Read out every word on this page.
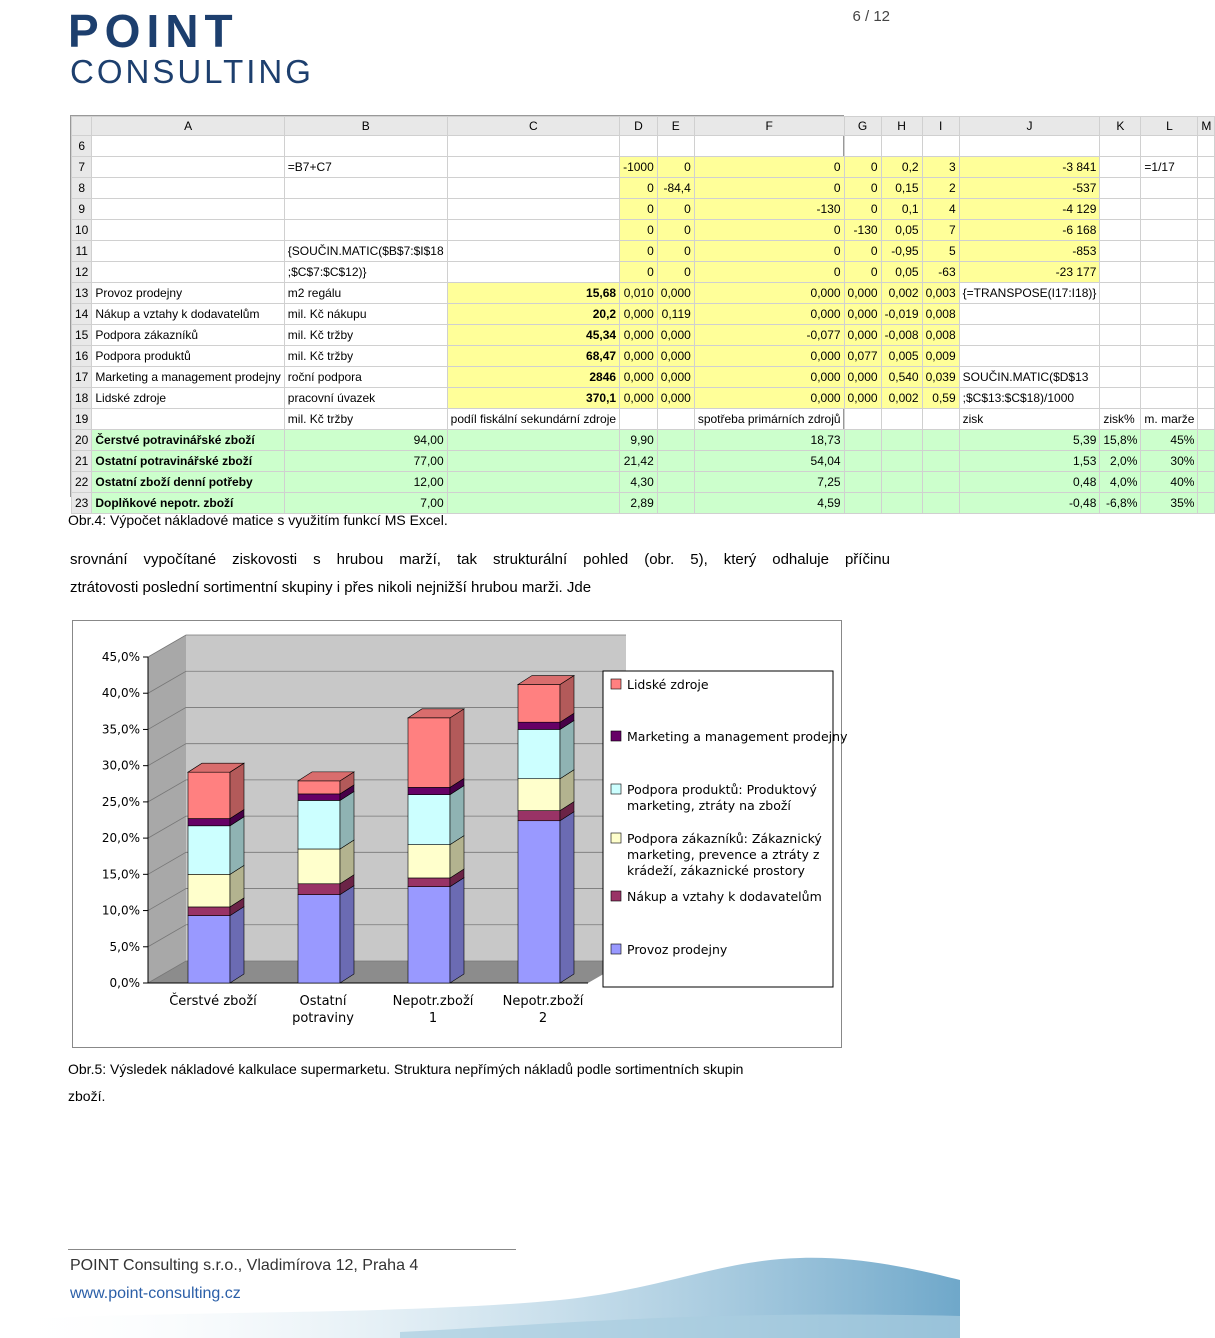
6 / 12
POINT
CONSULTING
	A	B	C	D	E	F	G	H	I	J	K	L	M
6													
7		=B7+C7		-1000	0	0	0	0,2	3	-3 841		=1/17	
8				0	-84,4	0	0	0,15	2	-537			
9				0	0	-130	0	0,1	4	-4 129			
10				0	0	0	-130	0,05	7	-6 168			
11		{SOUČIN.MATIC($B$7:$I$18		0	0	0	0	-0,95	5	-853			
12		;$C$7:$C$12)}		0	0	0	0	0,05	-63	-23 177			
13	Provoz prodejny	m2 regálu	15,68	0,010	0,000	0,000	0,000	0,002	0,003	{=TRANSPOSE(I17:I18)}			
14	Nákup a vztahy k dodavatelům	mil. Kč nákupu	20,2	0,000	0,119	0,000	0,000	-0,019	0,008				
15	Podpora zákazníků	mil. Kč tržby	45,34	0,000	0,000	-0,077	0,000	-0,008	0,008				
16	Podpora produktů	mil. Kč tržby	68,47	0,000	0,000	0,000	0,077	0,005	0,009				
17	Marketing a management prodejny	roční podpora	2846	0,000	0,000	0,000	0,000	0,540	0,039	SOUČIN.MATIC($D$13			
18	Lidské zdroje	pracovní úvazek	370,1	0,000	0,000	0,000	0,000	0,002	0,59	;$C$13:$C$18)/1000			
19		mil. Kč tržby	podíl fiskální sekundární zdroje			spotřeba primárních zdrojů				zisk	zisk%	m. marže	
20	Čerstvé potravinářské zboží	94,00		9,90		18,73				5,39	15,8%	45%	
21	Ostatní potravinářské zboží	77,00		21,42		54,04				1,53	2,0%	30%	
22	Ostatní zboží denní potřeby	12,00		4,30		7,25				0,48	4,0%	40%	
23	Doplňkové nepotr. zboží	7,00		2,89		4,59				-0,48	-6,8%	35%	
Obr.4: Výpočet nákladové matice s využitím funkcí MS Excel.
srovnání vypočítané ziskovosti s hrubou marží, tak strukturální pohled (obr. 5), který odhaluje příčinu
ztrátovosti poslední sortimentní skupiny i přes nikoli nejnižší hrubou marži. Jde
0,0%
5,0%
10,0%
15,0%
20,0%
25,0%
30,0%
35,0%
40,0%
45,0%
Čerstvé zboží	Ostatní
potraviny
Nepotr.zboží
1
Nepotr.zboží
2
Lidské zdroje
Marketing a management prodejny
Podpora produktů: Produktový
marketing, ztráty na zboží
Podpora zákazníků: Zákaznický
marketing, prevence a ztráty z
krádeží, zákaznické prostory
Nákup a vztahy k dodavatelům
Provoz prodejny
Obr.5: Výsledek nákladové kalkulace supermarketu. Struktura nepřímých nákladů podle sortimentních skupin
zboží.
POINT Consulting s.r.o., Vladimírova 12, Praha 4
www.point-consulting.cz
